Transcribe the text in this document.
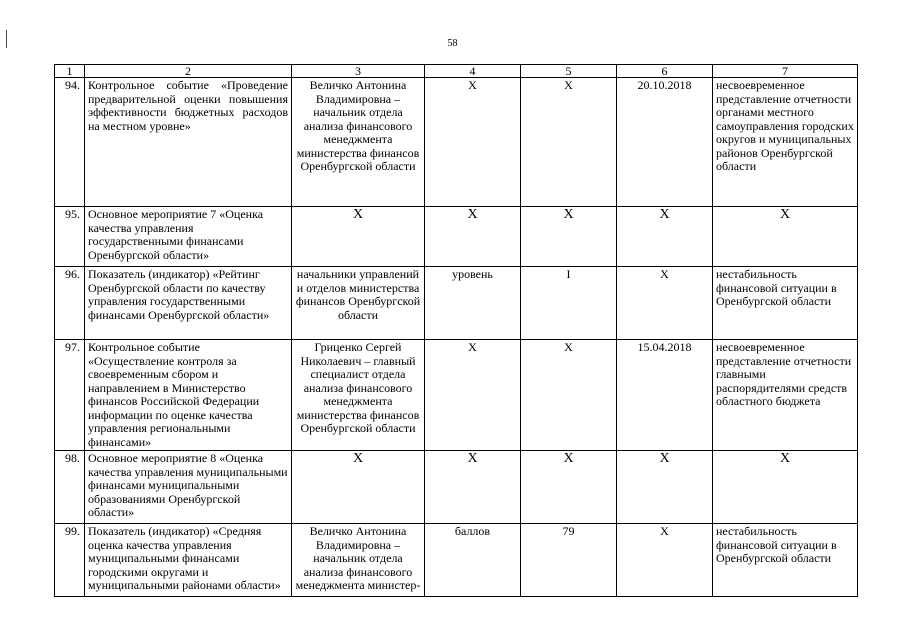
58
1	2	3	4	5	6	7
94.	Контрольное событие «Проведение предварительной оценки повышения эффективности бюджетных расходов на местном уровне»	Величко Антонина Владимировна – начальник отдела анализа финансового менеджмента министерства финансов Оренбургской области	X	X	20.10.2018	несвоевременное представление отчетности органами местного самоуправления городских округов и муниципальных районов Оренбургской области
95.	Основное мероприятие 7 «Оценка качества управления государственными финансами Оренбургской области»	X	X	X	X	X
96.	Показатель (индикатор) «Рейтинг Оренбургской области по качеству управления государственными финансами Оренбургской области»	начальники управлений и отделов министерства финансов Оренбургской области	уровень	I	X	нестабильность финансовой ситуации в Оренбургской области
97.	Контрольное событие «Осуществление контроля за своевременным сбором и направлением в Министерство финансов Российской Федерации информации по оценке качества управления региональными финансами»	Гриценко Сергей Николаевич – главный специалист отдела анализа финансового менеджмента министерства финансов Оренбургской области	X	X	15.04.2018	несвоевременное представление отчетности главными распорядителями средств областного бюджета
98.	Основное мероприятие 8 «Оценка качества управления муниципальными финансами муниципальными образованиями Оренбургской области»	X	X	X	X	X
99.	Показатель (индикатор) «Средняя оценка качества управления муниципальными финансами городскими округами и муниципальными районами области»	Величко Антонина Владимировна – начальник отдела анализа финансового менеджмента министер-	баллов	79	X	нестабильность финансовой ситуации в Оренбургской области
